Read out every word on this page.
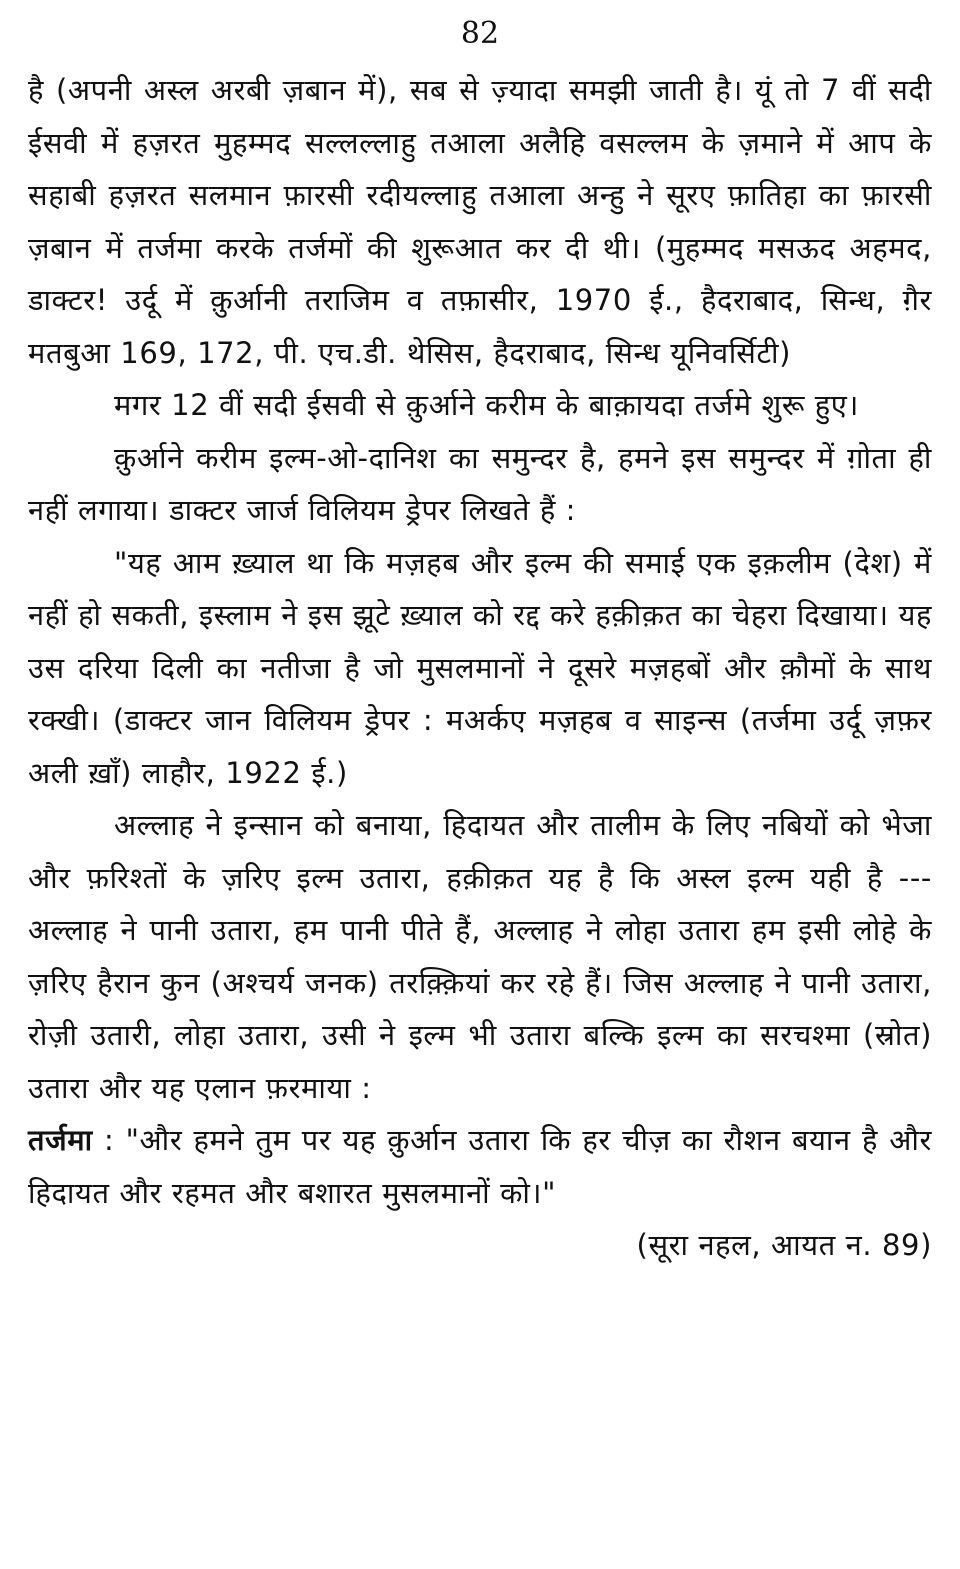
82

है (अपनी अस्ल अरबी ज़बान में), सब से ज़्यादा समझी जाती है। यूं तो 7 वीं सदी ईसवी में हज़रत मुहम्मद सल्लल्लाहु तआला अलैहि वसल्लम के ज़माने में आप के सहाबी हज़रत सलमान फ़ारसी रदीयल्लाहु तआला अन्हु ने सूरए फ़ातिहा का फ़ारसी ज़बान में तर्जमा करके तर्जमों की शुरूआत कर दी थी। (मुहम्मद मसऊद अहमद, डाक्टर! उर्दू में क़ुर्आनी तराजिम व तफ़ासीर, 1970 ई., हैदराबाद, सिन्ध, ग़ैर मतबुआ 169, 172, पी. एच.डी. थेसिस, हैदराबाद, सिन्ध यूनिवर्सिटी)

मगर 12 वीं सदी ईसवी से क़ुर्आने करीम के बाक़ायदा तर्जमे शुरू हुए।

क़ुर्आने करीम इल्म-ओ-दानिश का समुन्दर है, हमने इस समुन्दर में ग़ोता ही नहीं लगाया। डाक्टर जार्ज विलियम ड्रेपर लिखते हैं :

"यह आम ख़्याल था कि मज़हब और इल्म की समाई एक इक़लीम (देश) में नहीं हो सकती, इस्लाम ने इस झूटे ख़्याल को रद्द करे हक़ीक़त का चेहरा दिखाया। यह उस दरिया दिली का नतीजा है जो मुसलमानों ने दूसरे मज़हबों और क़ौमों के साथ रक्खी। (डाक्टर जान विलियम ड्रेपर : मअर्कए मज़हब व साइन्स (तर्जमा उर्दू ज़फ़र अली ख़ाँ) लाहौर, 1922 ई.)

अल्लाह ने इन्सान को बनाया, हिदायत और तालीम के लिए नबियों को भेजा और फ़रिश्तों के ज़रिए इल्म उतारा, हक़ीक़त यह है कि अस्ल इल्म यही है --- अल्लाह ने पानी उतारा, हम पानी पीते हैं, अल्लाह ने लोहा उतारा हम इसी लोहे के ज़रिए हैरान कुन (अश्चर्य जनक) तरक़्क़ियां कर रहे हैं। जिस अल्लाह ने पानी उतारा, रोज़ी उतारी, लोहा उतारा, उसी ने इल्म भी उतारा बल्कि इल्म का सरचश्मा (स्रोत) उतारा और यह एलान फ़रमाया :

तर्जमा : "और हमने तुम पर यह क़ुर्आन उतारा कि हर चीज़ का रौशन बयान है और हिदायत और रहमत और बशारत मुसलमानों को।"

(सूरा नहल, आयत न. 89)
